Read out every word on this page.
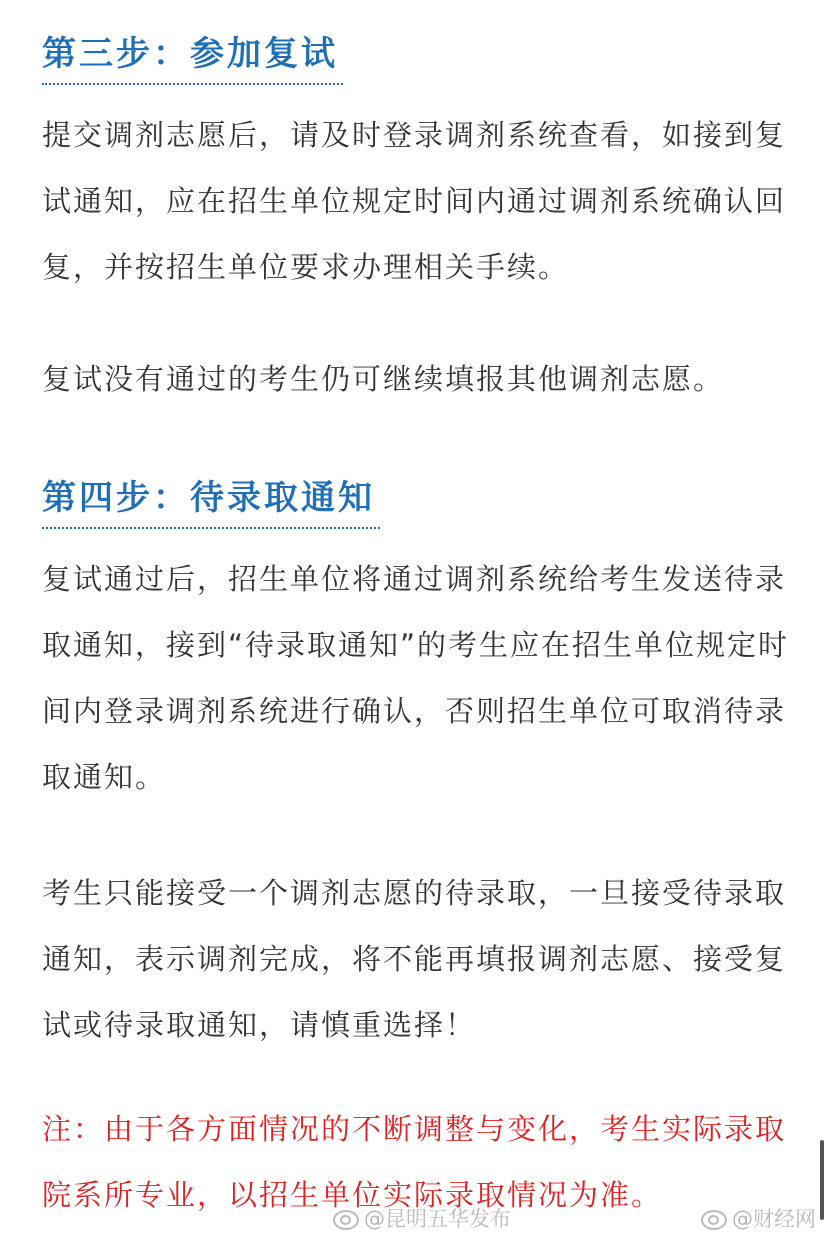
第三步：参加复试

提交调剂志愿后，请及时登录调剂系统查看，如接到复试通知，应在招生单位规定时间内通过调剂系统确认回复，并按招生单位要求办理相关手续。

复试没有通过的考生仍可继续填报其他调剂志愿。

第四步：待录取通知

复试通过后，招生单位将通过调剂系统给考生发送待录取通知，接到“待录取通知”的考生应在招生单位规定时间内登录调剂系统进行确认，否则招生单位可取消待录取通知。

考生只能接受一个调剂志愿的待录取，一旦接受待录取通知，表示调剂完成，将不能再填报调剂志愿、接受复试或待录取通知，请慎重选择！

注：由于各方面情况的不断调整与变化，考生实际录取院系所专业，以招生单位实际录取情况为准。

@昆明五华发布	@财经网
